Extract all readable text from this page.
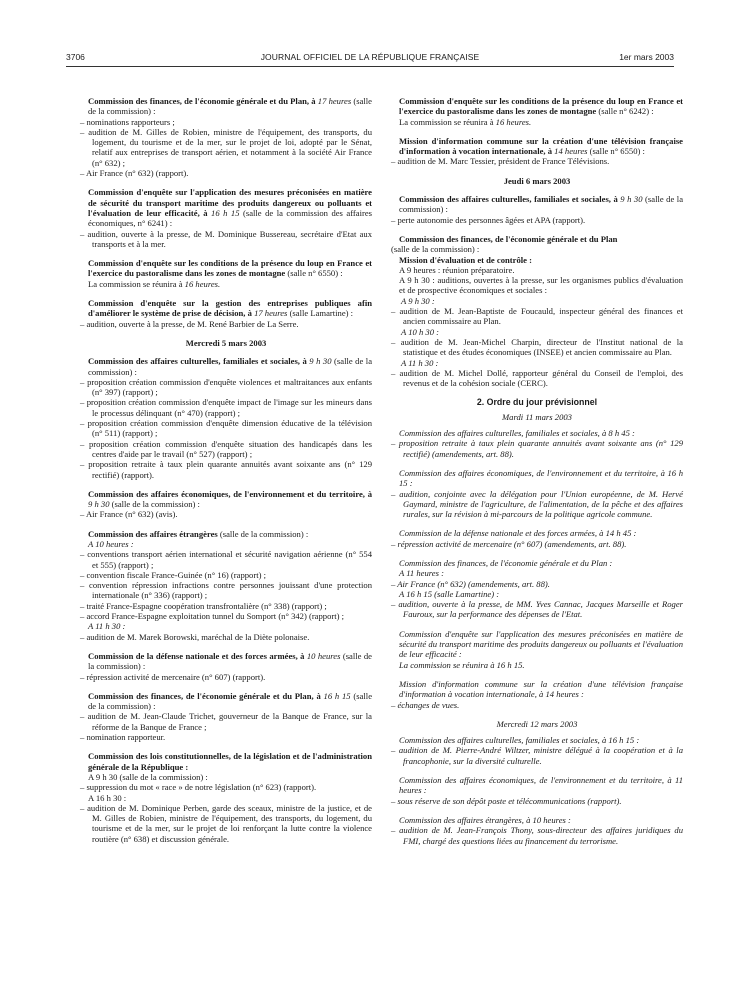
3706	JOURNAL OFFICIEL DE LA RÉPUBLIQUE FRANÇAISE	1er mars 2003
Commission des finances, de l'économie générale et du Plan, à 17 heures (salle de la commission) :
– nominations rapporteurs ;
– audition de M. Gilles de Robien, ministre de l'équipement, des transports, du logement, du tourisme et de la mer, sur le projet de loi, adopté par le Sénat, relatif aux entreprises de transport aérien, et notamment à la société Air France (n° 632) ;
– Air France (n° 632) (rapport).
Commission d'enquête sur l'application des mesures préconisées en matière de sécurité du transport maritime des produits dangereux ou polluants et l'évaluation de leur efficacité, à 16 h 15 (salle de la commission des affaires économiques, n° 6241) :
– audition, ouverte à la presse, de M. Dominique Bussereau, secrétaire d'Etat aux transports et à la mer.
Commission d'enquête sur les conditions de la présence du loup en France et l'exercice du pastoralisme dans les zones de montagne (salle n° 6550) :
La commission se réunira à 16 heures.
Commission d'enquête sur la gestion des entreprises publiques afin d'améliorer le système de prise de décision, à 17 heures (salle Lamartine) :
– audition, ouverte à la presse, de M. René Barbier de La Serre.
Mercredi 5 mars 2003
Commission des affaires culturelles, familiales et sociales, à 9 h 30 (salle de la commission) :
– proposition création commission d'enquête violences et maltraitances aux enfants (n° 397) (rapport) ;
– proposition création commission d'enquête impact de l'image sur les mineurs dans le processus délinquant (n° 470) (rapport) ;
– proposition création commission d'enquête dimension éducative de la télévision (n° 511) (rapport) ;
– proposition création commission d'enquête situation des handicapés dans les centres d'aide par le travail (n° 527) (rapport) ;
– proposition retraite à taux plein quarante annuités avant soixante ans (n° 129 rectifié) (rapport).
Commission des affaires économiques, de l'environnement et du territoire, à 9 h 30 (salle de la commission) :
– Air France (n° 632) (avis).
Commission des affaires étrangères (salle de la commission) :
A 10 heures :
– conventions transport aérien international et sécurité navigation aérienne (n° 554 et 555) (rapport) ;
– convention fiscale France-Guinée (n° 16) (rapport) ;
– convention répression infractions contre personnes jouissant d'une protection internationale (n° 336) (rapport) ;
– traité France-Espagne coopération transfrontalière (n° 338) (rapport) ;
– accord France-Espagne exploitation tunnel du Somport (n° 342) (rapport) ;
A 11 h 30 :
– audition de M. Marek Borowski, maréchal de la Diète polonaise.
Commission de la défense nationale et des forces armées, à 10 heures (salle de la commission) :
– répression activité de mercenaire (n° 607) (rapport).
Commission des finances, de l'économie générale et du Plan, à 16 h 15 (salle de la commission) :
– audition de M. Jean-Claude Trichet, gouverneur de la Banque de France, sur la réforme de la Banque de France ;
– nomination rapporteur.
Commission des lois constitutionnelles, de la législation et de l'administration générale de la République :
A 9 h 30 (salle de la commission) :
– suppression du mot « race » de notre législation (n° 623) (rapport).
A 16 h 30 :
– audition de M. Dominique Perben, garde des sceaux, ministre de la justice, et de M. Gilles de Robien, ministre de l'équipement, des transports, du logement, du tourisme et de la mer, sur le projet de loi renforçant la lutte contre la violence routière (n° 638) et discussion générale.
Commission d'enquête sur les conditions de la présence du loup en France et l'exercice du pastoralisme dans les zones de montagne (salle n° 6242) :
La commission se réunira à 16 heures.
Mission d'information commune sur la création d'une télévision française d'information à vocation internationale, à 14 heures (salle n° 6550) :
– audition de M. Marc Tessier, président de France Télévisions.
Jeudi 6 mars 2003
Commission des affaires culturelles, familiales et sociales, à 9 h 30 (salle de la commission) :
– perte autonomie des personnes âgées et APA (rapport).
Commission des finances, de l'économie générale et du Plan
(salle de la commission) :
Mission d'évaluation et de contrôle :
A 9 heures : réunion préparatoire.
A 9 h 30 : auditions, ouvertes à la presse, sur les organismes publics d'évaluation et de prospective économiques et sociales :
A 9 h 30 :
– audition de M. Jean-Baptiste de Foucauld, inspecteur général des finances et ancien commissaire au Plan.
A 10 h 30 :
– audition de M. Jean-Michel Charpin, directeur de l'Institut national de la statistique et des études économiques (INSEE) et ancien commissaire au Plan.
A 11 h 30 :
– audition de M. Michel Dollé, rapporteur général du Conseil de l'emploi, des revenus et de la cohésion sociale (CERC).
2. Ordre du jour prévisionnel
Mardi 11 mars 2003
Commission des affaires culturelles, familiales et sociales, à 8 h 45 :
– proposition retraite à taux plein quarante annuités avant soixante ans (n° 129 rectifié) (amendements, art. 88).
Commission des affaires économiques, de l'environnement et du territoire, à 16 h 15 :
– audition, conjointe avec la délégation pour l'Union européenne, de M. Hervé Gaymard, ministre de l'agriculture, de l'alimentation, de la pêche et des affaires rurales, sur la révision à mi-parcours de la politique agricole commune.
Commission de la défense nationale et des forces armées, à 14 h 45 :
– répression activité de mercenaire (n° 607) (amendements, art. 88).
Commission des finances, de l'économie générale et du Plan :
A 11 heures :
– Air France (n° 632) (amendements, art. 88).
A 16 h 15 (salle Lamartine) :
– audition, ouverte à la presse, de MM. Yves Cannac, Jacques Marseille et Roger Fauroux, sur la performance des dépenses de l'Etat.
Commission d'enquête sur l'application des mesures préconisées en matière de sécurité du transport maritime des produits dangereux ou polluants et l'évaluation de leur efficacité :
La commission se réunira à 16 h 15.
Mission d'information commune sur la création d'une télévision française d'information à vocation internationale, à 14 heures :
– échanges de vues.
Mercredi 12 mars 2003
Commission des affaires culturelles, familiales et sociales, à 16 h 15 :
– audition de M. Pierre-André Wiltzer, ministre délégué à la coopération et à la francophonie, sur la diversité culturelle.
Commission des affaires économiques, de l'environnement et du territoire, à 11 heures :
– sous réserve de son dépôt poste et télécommunications (rapport).
Commission des affaires étrangères, à 10 heures :
– audition de M. Jean-François Thony, sous-directeur des affaires juridiques du FMI, chargé des questions liées au financement du terrorisme.
